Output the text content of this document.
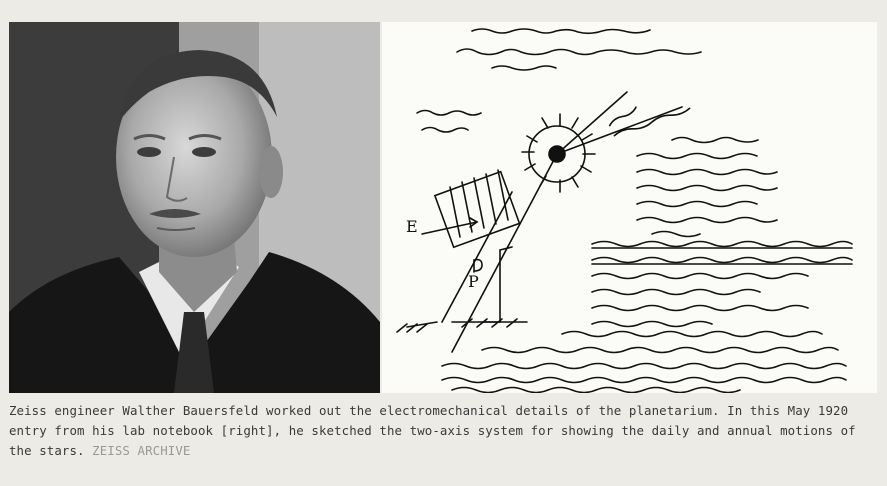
E
P
Zeiss engineer Walther Bauersfeld worked out the electromechanical details of the planetarium. In this May 1920 entry from his lab notebook [right], he sketched the two-axis system for showing the daily and annual motions of the stars. ZEISS ARCHIVE
